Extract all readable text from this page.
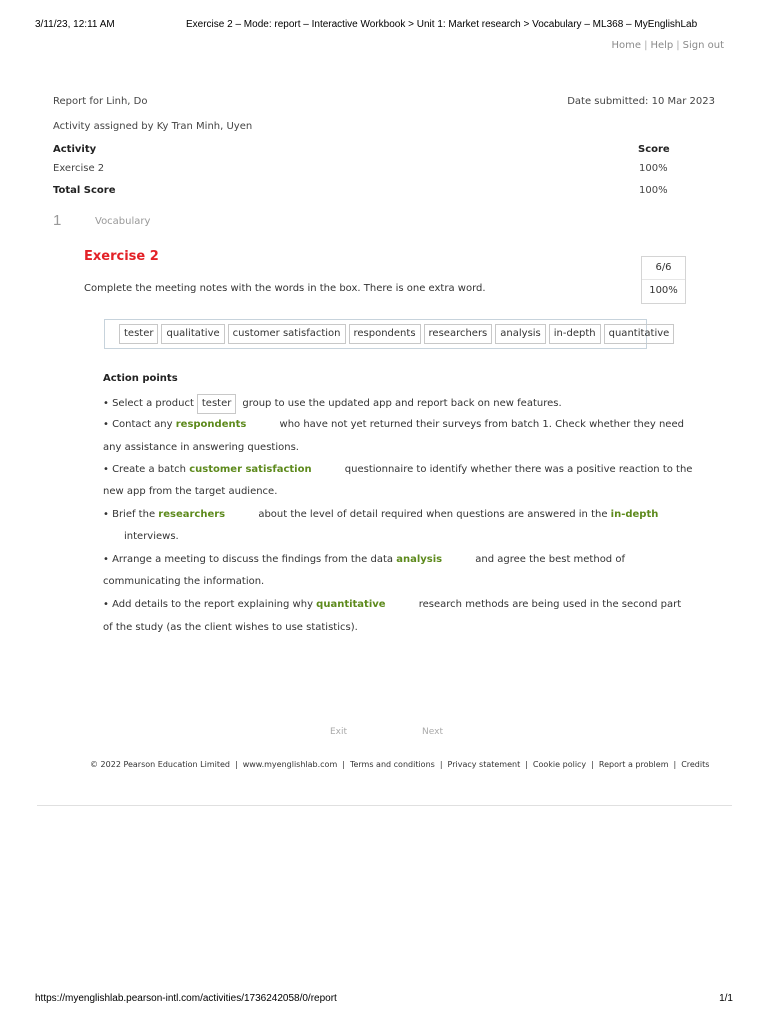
3/11/23, 12:11 AM	Exercise 2 – Mode: report – Interactive Workbook > Unit 1: Market research > Vocabulary – ML368 – MyEnglishLab
Home | Help | Sign out
Report for Linh, Do	Date submitted: 10 Mar 2023
Activity assigned by Ky Tran Minh, Uyen
Activity	Score
Exercise 2	100%
Total Score	100%
1	Vocabulary
Exercise 2
Complete the meeting notes with the words in the box. There is one extra word.
6/6
100%
tester	qualitative	customer satisfaction	respondents	researchers	analysis	in-depth	quantitative
Action points
• Select a product tester group to use the updated app and report back on new features.
• Contact any respondents	who have not yet returned their surveys from batch 1. Check whether they need
any assistance in answering questions.
• Create a batch customer satisfaction	questionnaire to identify whether there was a positive reaction to the
new app from the target audience.
• Brief the researchers	about the level of detail required when questions are answered in the in-depth
interviews.
• Arrange a meeting to discuss the findings from the data analysis	and agree the best method of
communicating the information.
• Add details to the report explaining why quantitative	research methods are being used in the second part
of the study (as the client wishes to use statistics).
Exit	Next
© 2022 Pearson Education Limited | www.myenglishlab.com | Terms and conditions | Privacy statement | Cookie policy | Report a problem | Credits
https://myenglishlab.pearson-intl.com/activities/1736242058/0/report	1/1
